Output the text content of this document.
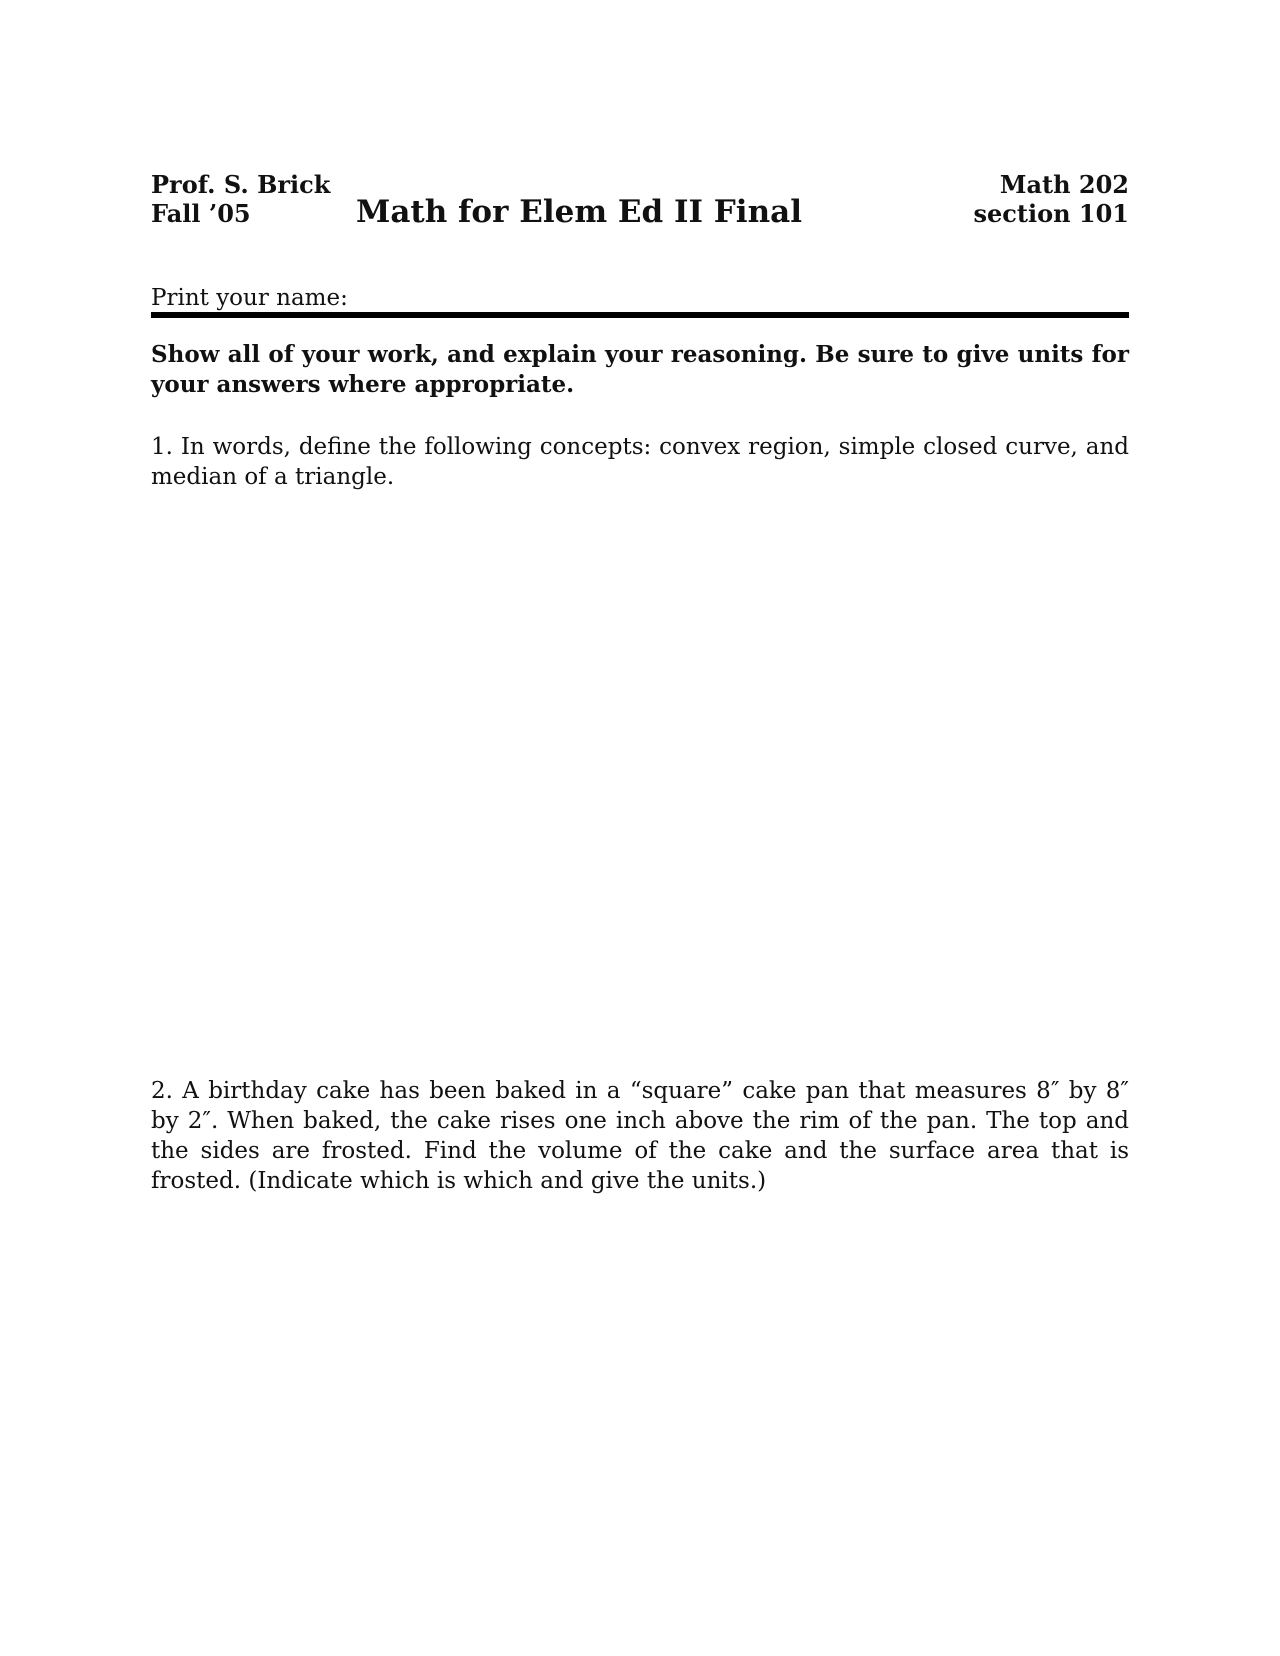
Prof. S. Brick
Fall ’05	Math for Elem Ed II Final
Math 202
section 101
Print your name:
Show all of your work, and explain your reasoning. Be sure to give units for your answers where appropriate.
1. In words, define the following concepts: convex region, simple closed curve, and median of a triangle.
2. A birthday cake has been baked in a “square” cake pan that measures 8″ by 8″ by 2″. When baked, the cake rises one inch above the rim of the pan. The top and the sides are frosted. Find the volume of the cake and the surface area that is frosted. (Indicate which is which and give the units.)
